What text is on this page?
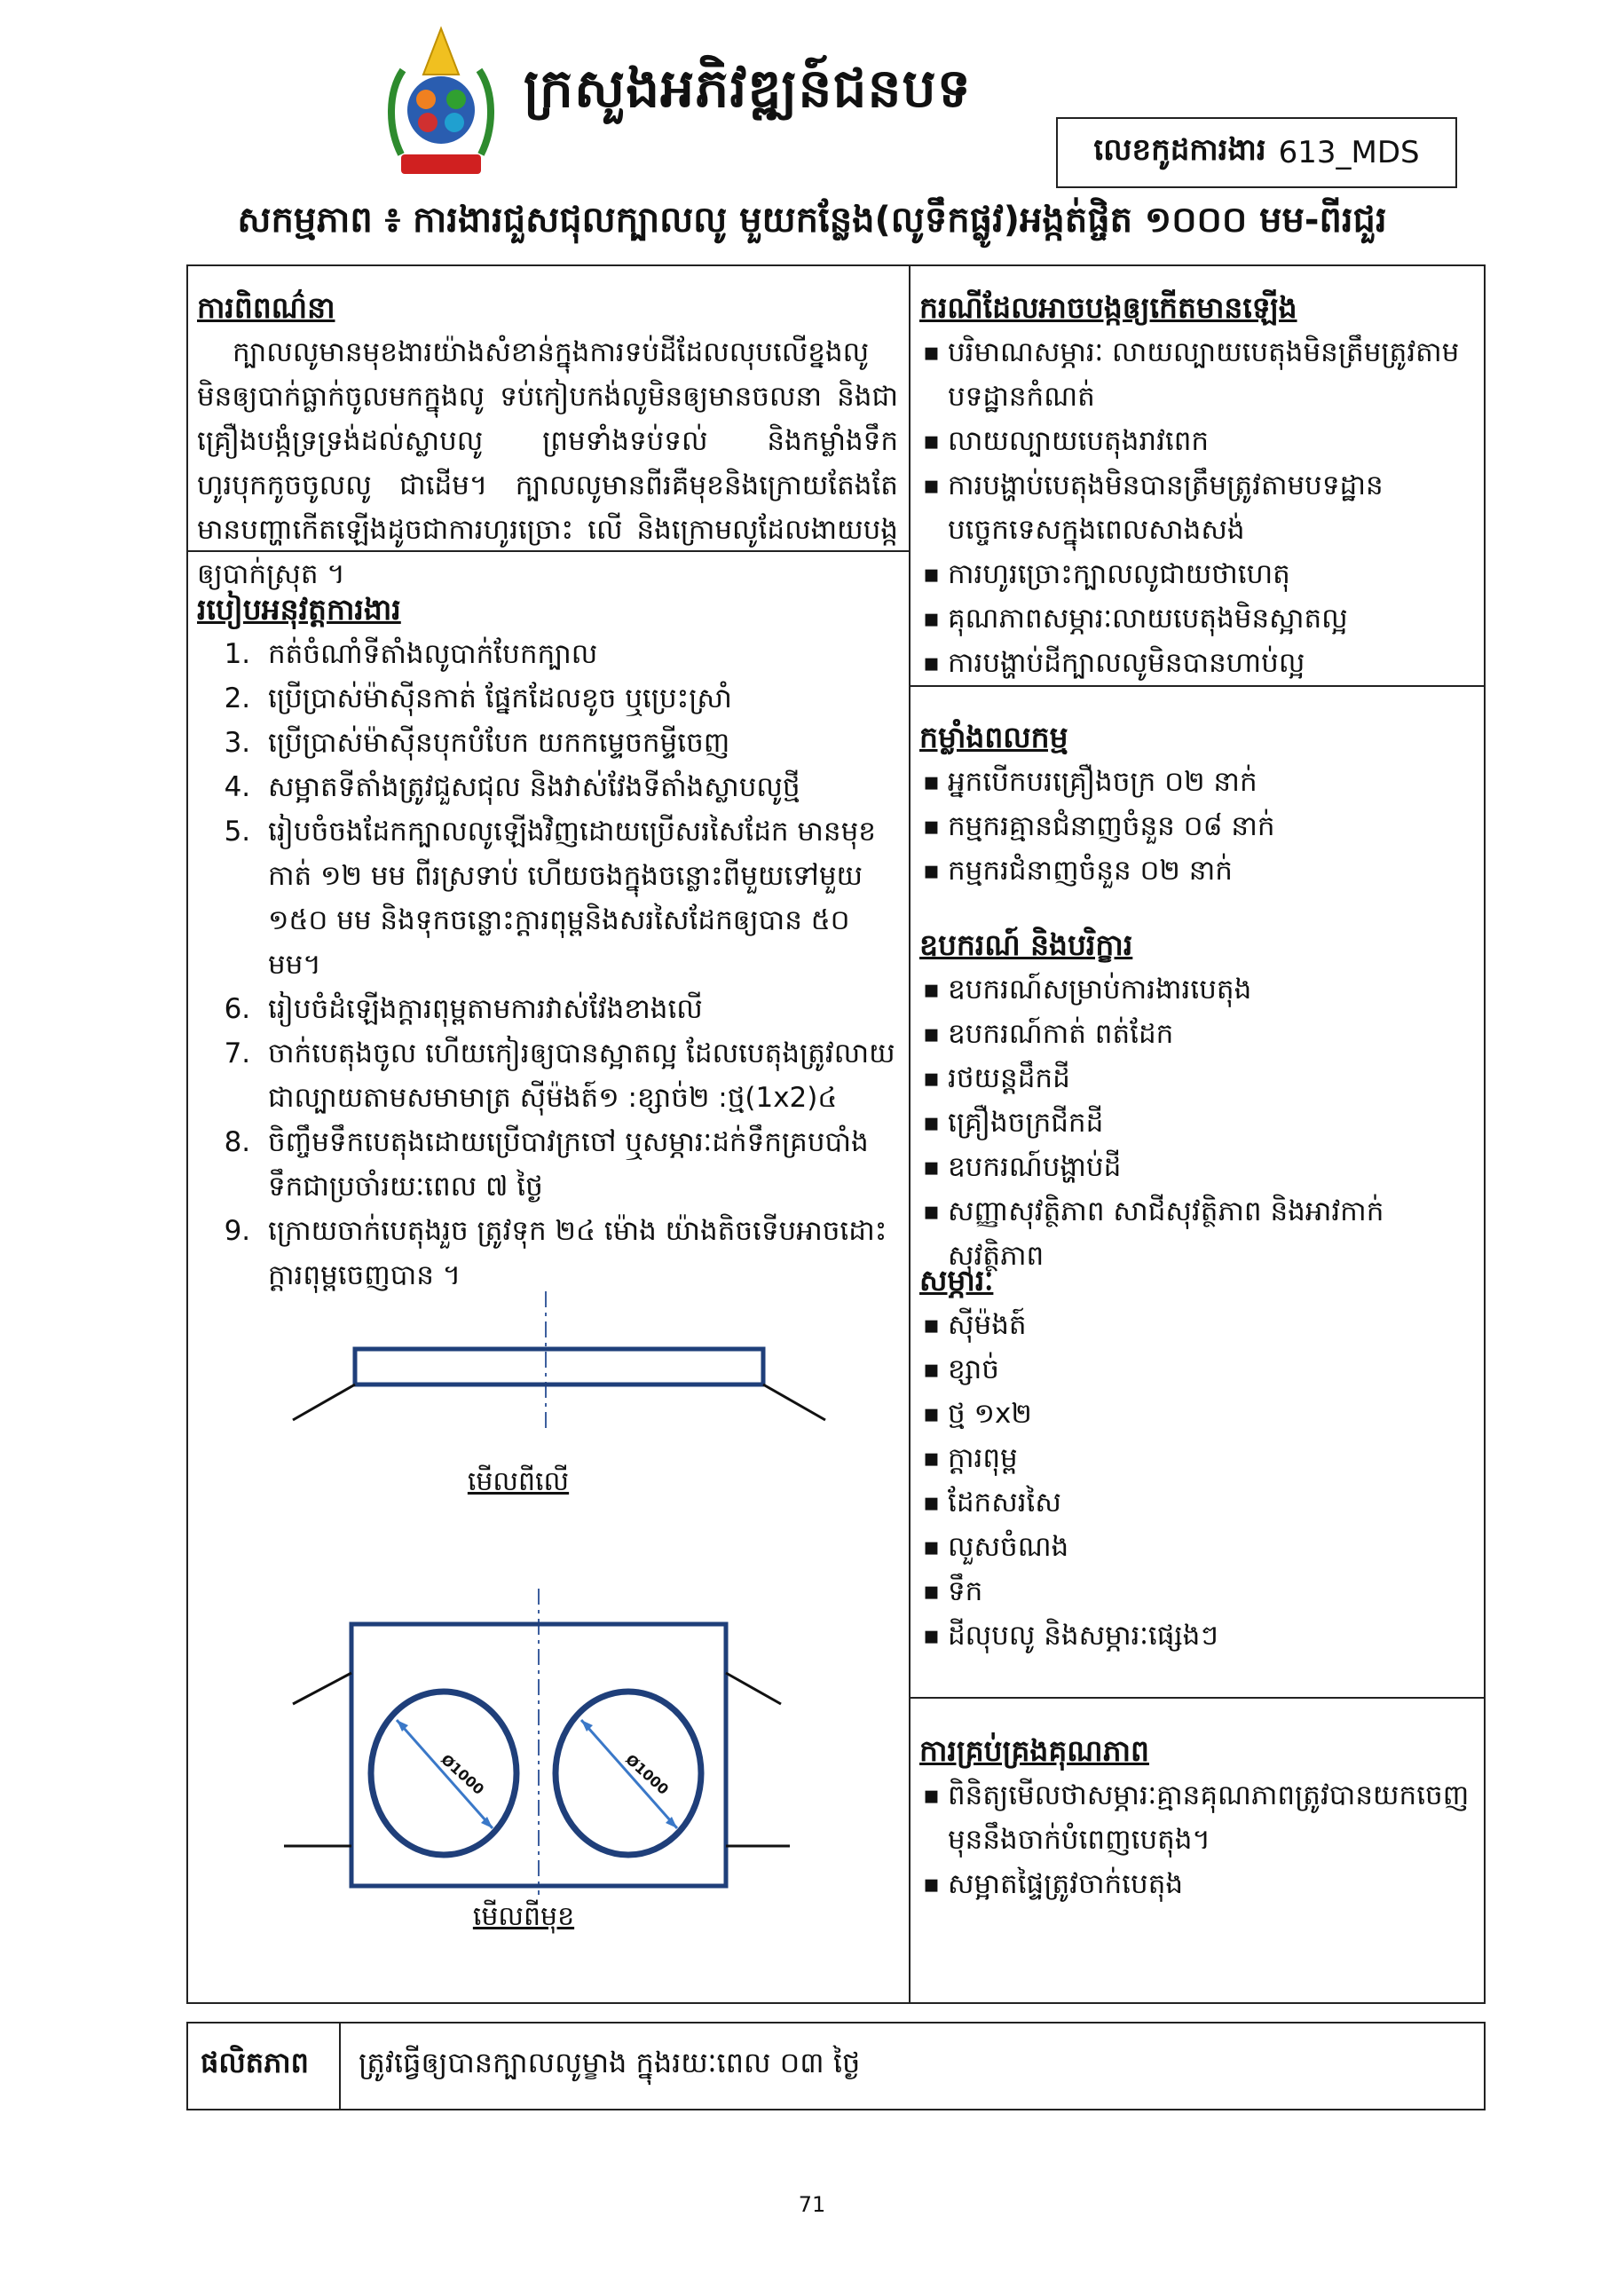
ក្រសួងអភិវឌ្ឍន៍ជនបទ
លេខកូដការងារ 613_MDS
សកម្មភាព ៖ ការងារជួសជុលក្បាលលូ មួយកន្លែង(លូទឹកផ្លូវ)អង្កត់ផ្ចិត ១០០០ មម-ពីរជួរ
ការពិពណ៌នា

ក្បាលលូមានមុខងារយ៉ាងសំខាន់ក្នុងការទប់ដីដែលលុបលើខ្នងលូមិនឲ្យបាក់ធ្លាក់ចូលមកក្នុងលូ ទប់កៀបកង់លូមិនឲ្យមានចលនា និងជាគ្រឿងបង្កំទ្រទ្រង់ដល់ស្លាបលូ ព្រមទាំងទប់ទល់ និងកម្លាំងទឹកហូរបុកកូចចូលលូ ជាដើម។ ក្បាលលូមានពីរគឺមុខនិងក្រោយតែងតែមានបញ្ហាកើតឡើងដូចជាការហូរច្រោះ លើ និងក្រោមលូដែលងាយបង្កឲ្យបាក់ស្រុត ។

របៀបអនុវត្តការងារ
1. កត់ចំណាំទីតាំងលូបាក់បែកក្បាល
2. ប្រើប្រាស់ម៉ាស៊ីនកាត់ ផ្នែកដែលខូច ឬប្រេះស្រាំ
3. ប្រើប្រាស់ម៉ាស៊ីនបុកបំបែក យកកម្ទេចកម្ទីចេញ
4. សម្អាតទីតាំងត្រូវជួសជុល និងវាស់វែងទីតាំងស្លាបលូថ្មី
5. រៀបចំចងដែកក្បាលលូឡើងវិញដោយប្រើសរសៃដែក មានមុខកាត់ ១២ មម ពីរស្រទាប់ ហើយចងក្នុងចន្លោះពីមួយទៅមួយ ១៥០ មម និងទុកចន្លោះក្តារពុម្ពនិងសរសៃដែកឲ្យបាន ៥០ មម។
6. រៀបចំដំឡើងក្តារពុម្ពតាមការវាស់វែងខាងលើ
7. ចាក់បេតុងចូល ហើយកៀរឲ្យបានស្អាតល្អ ដែលបេតុងត្រូវលាយជាល្បាយតាមសមាមាត្រ ស៊ីម៉ងត៍១ :ខ្សាច់២ :ថ្ម(1x2)៤
8. ចិញ្ចឹមទឹកបេតុងដោយប្រើបាវក្រចៅ ឬសម្ភារៈដក់ទឹកគ្របបាំងទឹកជាប្រចាំរយៈពេល ៧ ថ្ងៃ
9. ក្រោយចាក់បេតុងរួច ត្រូវទុក ២៤ ម៉ោង យ៉ាងតិចទើបអាចដោះក្តារពុម្ពចេញបាន ។
មើលពីលើ
Ø1000	Ø1000
មើលពីមុខ
ករណីដែលអាចបង្កឲ្យកើតមានឡើង
▪ បរិមាណសម្ភារៈ លាយល្បាយបេតុងមិនត្រឹមត្រូវតាមបទដ្ឋានកំណត់
▪ លាយល្បាយបេតុងរាវពេក
▪ ការបង្ហាប់បេតុងមិនបានត្រឹមត្រូវតាមបទដ្ឋានបច្ចេកទេសក្នុងពេលសាងសង់
▪ ការហូរច្រោះក្បាលលូជាយថាហេតុ
▪ គុណភាពសម្ភារៈលាយបេតុងមិនស្អាតល្អ
▪ ការបង្ហាប់ដីក្បាលលូមិនបានហាប់ល្អ
កម្លាំងពលកម្ម
▪ អ្នកបើកបរគ្រឿងចក្រ ០២ នាក់
▪ កម្មករគ្មានជំនាញចំនួន ០៨ នាក់
▪ កម្មករជំនាញចំនួន ០២ នាក់
ឧបករណ៍ និងបរិក្ខារ
▪ ឧបករណ៍សម្រាប់ការងារបេតុង
▪ ឧបករណ៍កាត់ ពត់ដែក
▪ រថយន្តដឹកដី
▪ គ្រឿងចក្រជីកដី
▪ ឧបករណ៍បង្ហាប់ដី
▪ សញ្ញាសុវត្ថិភាព សាជីសុវត្ថិភាព និងអាវកាក់សុវត្ថិភាព
សម្ភារៈ
▪ ស៊ីម៉ងត៍
▪ ខ្សាច់
▪ ថ្ម ១x២
▪ ក្តារពុម្ព
▪ ដែកសរសៃ
▪ លួសចំណង
▪ ទឹក
▪ ដីលុបលូ និងសម្ភារៈផ្សេងៗ
ការគ្រប់គ្រងគុណភាព
▪ ពិនិត្យមើលថាសម្ភារៈគ្មានគុណភាពត្រូវបានយកចេញមុននឹងចាក់បំពេញបេតុង។
▪ សម្អាតផ្ទៃត្រូវចាក់បេតុង
ផលិតភាព ត្រូវធ្វើឲ្យបានក្បាលលូម្ខាង ក្នុងរយៈពេល ០៣ ថ្ងៃ
71
